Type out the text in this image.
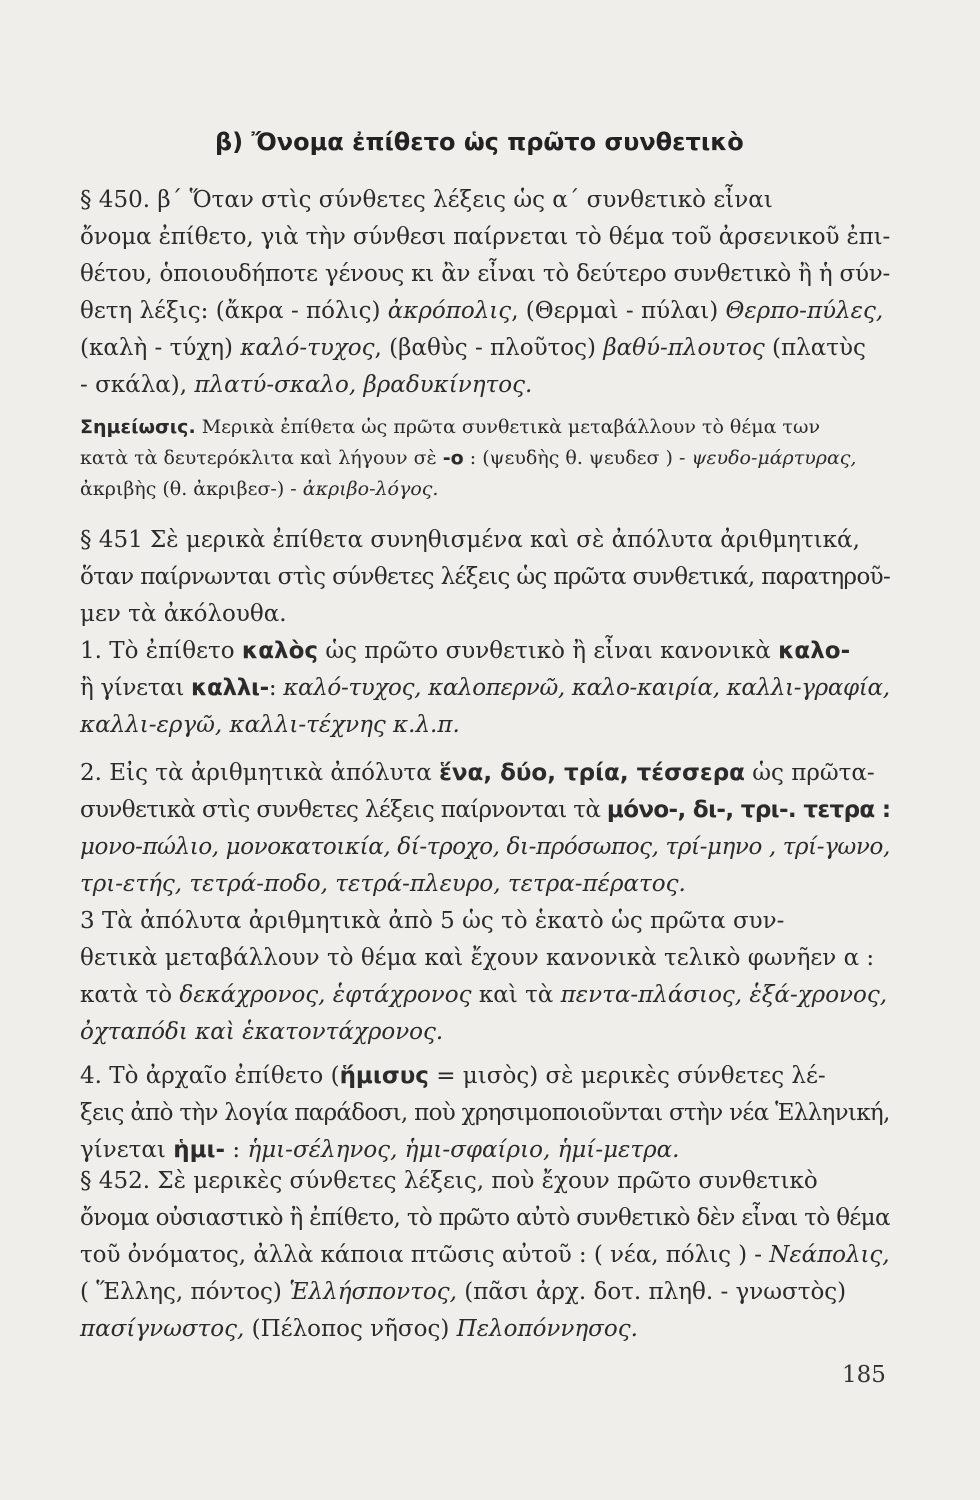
β) Ὄνομα ἐπίθετο ὡς πρῶτο συνθετικὸ
§ 450. β΄ Ὅταν στὶς σύνθετες λέξεις ὡς α΄ συνθετικὸ εἶναι
ὄνομα ἐπίθετο, γιὰ τὴν σύνθεσι παίρνεται τὸ θέμα τοῦ ἀρσενικοῦ ἐπι-
θέτου, ὁποιουδήποτε γένους κι ἂν εἶναι τὸ δεύτερο συνθετικὸ ἢ ἡ σύν-
θετη λέξις: (ἄκρα - πόλις) ἀκρόπολις, (Θερμαὶ - πύλαι) Θερπο-πύλες,
(καλὴ - τύχη) καλό-τυχος, (βαθὺς - πλοῦτος) βαθύ-πλουτος (πλατὺς
- σκάλα), πλατύ-σκαλο, βραδυκίνητος.
Σημείωσις. Μερικὰ ἐπίθετα ὡς πρῶτα συνθετικὰ μεταβάλλουν τὸ θέμα των
κατὰ τὰ δευτερόκλιτα καὶ λήγουν σὲ -ο : (ψευδὴς θ. ψευδεσ ) - ψευδο-μάρτυρας,
ἀκριβὴς (θ. ἀκριβεσ-) - ἀκριβο-λόγος.
§ 451 Σὲ μερικὰ ἐπίθετα συνηθισμένα καὶ σὲ ἀπόλυτα ἀριθμητικά,
ὅταν παίρνωνται στὶς σύνθετες λέξεις ὡς πρῶτα συνθετικά, παρατηροῦ-
μεν τὰ ἀκόλουθα.
1. Τὸ ἐπίθετο καλὸς ὡς πρῶτο συνθετικὸ ἢ εἶναι κανονικὰ καλο-
ἢ γίνεται καλλι-: καλό-τυχος, καλοπερνῶ, καλο-καιρία, καλλι-γραφία,
καλλι-εργῶ, καλλι-τέχνης κ.λ.π.
2. Εἰς τὰ ἀριθμητικὰ ἀπόλυτα ἕνα, δύο, τρία, τέσσερα ὡς πρῶτα-
συνθετικὰ στὶς συνθετες λέξεις παίρνονται τὰ μόνο-, δι-, τρι-. τετρα :
μονο-πώλιο, μονοκατοικία, δί-τροχο, δι-πρόσωπος, τρί-μηνο , τρί-γωνο,
τρι-ετής, τετρά-ποδο, τετρά-πλευρο, τετρα-πέρατος.
3 Τὰ ἀπόλυτα ἀριθμητικὰ ἀπὸ 5 ὡς τὸ ἑκατὸ ὡς πρῶτα συν-
θετικὰ μεταβάλλουν τὸ θέμα καὶ ἔχουν κανονικὰ τελικὸ φωνῆεν α :
κατὰ τὸ δεκάχρονος, ἑφτάχρονος καὶ τὰ πεντα-πλάσιος, ἑξά-χρονος,
ὀχταπόδι καὶ ἑκατοντάχρονος.
4. Τὸ ἀρχαῖο ἐπίθετο (ἥμισυς = μισὸς) σὲ μερικὲς σύνθετες λέ-
ξεις ἀπὸ τὴν λογία παράδοσι, ποὺ χρησιμοποιοῦνται στὴν νέα Ἑλληνική,
γίνεται ἡμι- : ἡμι-σέληνος, ἡμι-σφαίριο, ἡμί-μετρα.
§ 452. Σὲ μερικὲς σύνθετες λέξεις, ποὺ ἔχουν πρῶτο συνθετικὸ
ὄνομα οὐσιαστικὸ ἢ ἐπίθετο, τὸ πρῶτο αὐτὸ συνθετικὸ δὲν εἶναι τὸ θέμα
τοῦ ὀνόματος, ἀλλὰ κάποια πτῶσις αὐτοῦ : ( νέα, πόλις ) - Νεάπολις,
( Ἕλλης, πόντος) Ἑλλήσποντος, (πᾶσι ἀρχ. δοτ. πληθ. - γνωστὸς)
πασίγνωστος, (Πέλοπος νῆσος) Πελοπόννησος.
185
